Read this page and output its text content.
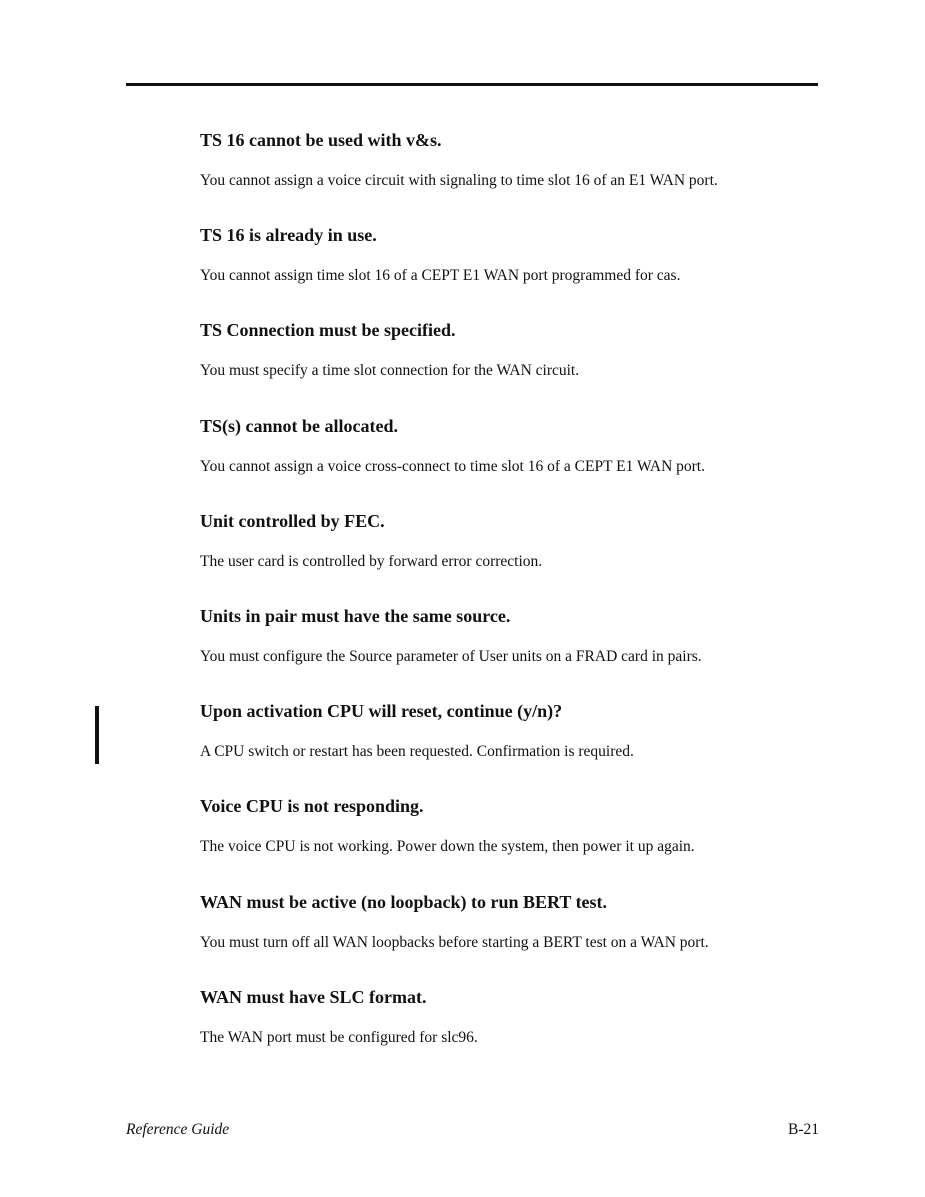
TS 16 cannot be used with v&s.

You cannot assign a voice circuit with signaling to time slot 16 of an E1 WAN port.

TS 16 is already in use.

You cannot assign time slot 16 of a CEPT E1 WAN port programmed for cas.

TS Connection must be specified.

You must specify a time slot connection for the WAN circuit.

TS(s) cannot be allocated.

You cannot assign a voice cross-connect to time slot 16 of a CEPT E1 WAN port.

Unit controlled by FEC.

The user card is controlled by forward error correction.

Units in pair must have the same source.

You must configure the Source parameter of User units on a FRAD card in pairs.

Upon activation CPU will reset, continue (y/n)?

A CPU switch or restart has been requested. Confirmation is required.

Voice CPU is not responding.

The voice CPU is not working. Power down the system, then power it up again.

WAN must be active (no loopback) to run BERT test.

You must turn off all WAN loopbacks before starting a BERT test on a WAN port.

WAN must have SLC format.

The WAN port must be configured for slc96.

Reference Guide	B-21
